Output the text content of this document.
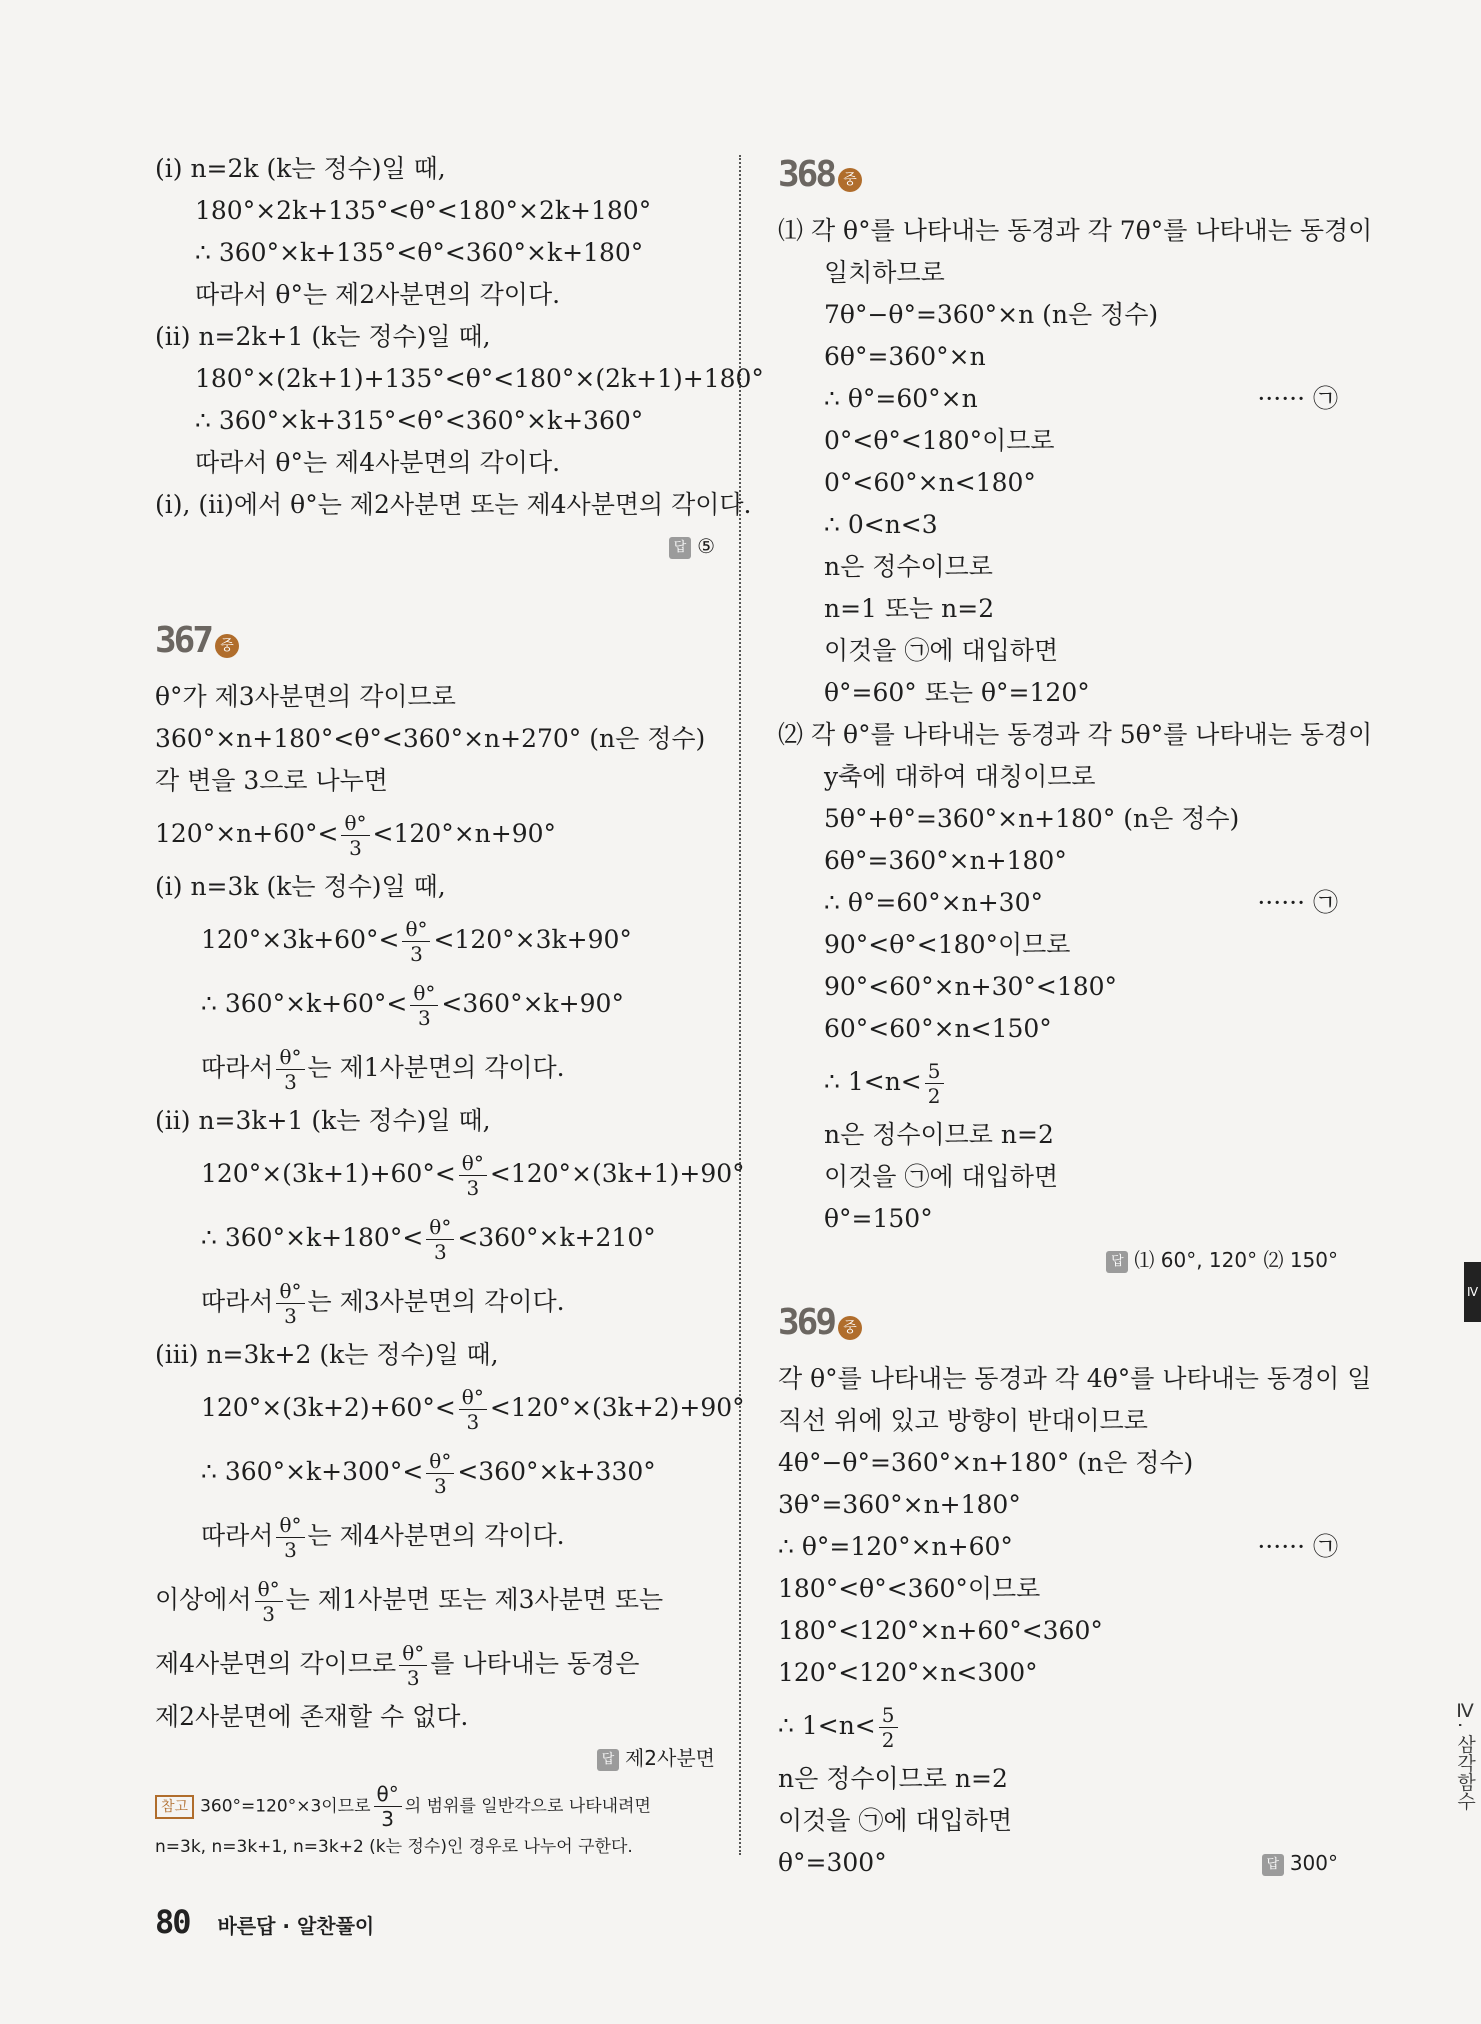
(ⅰ) n=2k (k는 정수)일 때,
180°×2k+135°<θ°<180°×2k+180°
∴ 360°×k+135°<θ°<360°×k+180°
따라서 θ°는 제2사분면의 각이다.
(ⅱ) n=2k+1 (k는 정수)일 때,
180°×(2k+1)+135°<θ°<180°×(2k+1)+180°
∴ 360°×k+315°<θ°<360°×k+360°
따라서 θ°는 제4사분면의 각이다.
(ⅰ), (ⅱ)에서 θ°는 제2사분면 또는 제4사분면의 각이다.
답 ⑤
367 중
θ°가 제3사분면의 각이므로
360°×n+180°<θ°<360°×n+270° (n은 정수)
각 변을 3으로 나누면
$120^\circ\times n+60^\circ< \frac{\theta^\circ}{3} <120^\circ\times n+90^\circ$
(ⅰ) n=3k (k는 정수)일 때,
$120^\circ\times 3k+60^\circ< \frac{\theta^\circ}{3} <120^\circ\times 3k+90^\circ$
∴ $360^\circ\times k+60^\circ< \frac{\theta^\circ}{3} <360^\circ\times k+90^\circ$
따라서 $\frac{\theta^\circ}{3}$ 는 제1사분면의 각이다.
(ⅱ) n=3k+1 (k는 정수)일 때,
$120^\circ\times(3k+1)+60^\circ< \frac{\theta^\circ}{3} <120^\circ\times(3k+1)+90^\circ$
∴ $360^\circ\times k+180^\circ< \frac{\theta^\circ}{3} <360^\circ\times k+210^\circ$
따라서 $\frac{\theta^\circ}{3}$ 는 제3사분면의 각이다.
(ⅲ) n=3k+2 (k는 정수)일 때,
$120^\circ\times(3k+2)+60^\circ< \frac{\theta^\circ}{3} <120^\circ\times(3k+2)+90^\circ$
∴ $360^\circ\times k+300^\circ< \frac{\theta^\circ}{3} <360^\circ\times k+330^\circ$
따라서 $\frac{\theta^\circ}{3}$ 는 제4사분면의 각이다.
이상에서 $\frac{\theta^\circ}{3}$ 는 제1사분면 또는 제3사분면 또는
제4사분면의 각이므로 $\frac{\theta^\circ}{3}$ 를 나타내는 동경은
제2사분면에 존재할 수 없다.
답 제2사분면
참고 360°=120°×3이므로 $\frac{\theta^\circ}{3}$ 의 범위를 일반각으로 나타내려면
n=3k, n=3k+1, n=3k+2 (k는 정수)인 경우로 나누어 구한다.
368 중
⑴ 각 θ°를 나타내는 동경과 각 7θ°를 나타내는 동경이
일치하므로
7θ°−θ°=360°×n (n은 정수)
6θ°=360°×n
∴ θ°=60°×n	······ ㉠
0°<θ°<180°이므로
0°<60°×n<180°
∴ 0<n<3
n은 정수이므로
n=1 또는 n=2
이것을 ㉠에 대입하면
θ°=60° 또는 θ°=120°
⑵ 각 θ°를 나타내는 동경과 각 5θ°를 나타내는 동경이
y축에 대하여 대칭이므로
5θ°+θ°=360°×n+180° (n은 정수)
6θ°=360°×n+180°
∴ θ°=60°×n+30°	······ ㉠
90°<θ°<180°이므로
90°<60°×n+30°<180°
60°<60°×n<150°
∴ $1<n< \frac{5}{2}$
n은 정수이므로 n=2
이것을 ㉠에 대입하면
θ°=150°
답 ⑴ 60°, 120° ⑵ 150°
369 중
각 θ°를 나타내는 동경과 각 4θ°를 나타내는 동경이 일
직선 위에 있고 방향이 반대이므로
4θ°−θ°=360°×n+180° (n은 정수)
3θ°=360°×n+180°
∴ θ°=120°×n+60°	······ ㉠
180°<θ°<360°이므로
180°<120°×n+60°<360°
120°<120°×n<300°
∴ $1<n< \frac{5}{2}$
n은 정수이므로 n=2
이것을 ㉠에 대입하면
θ°=300°	답 300°
80 바른답 · 알찬풀이
Ⅳ
Ⅳ. 삼각함수
